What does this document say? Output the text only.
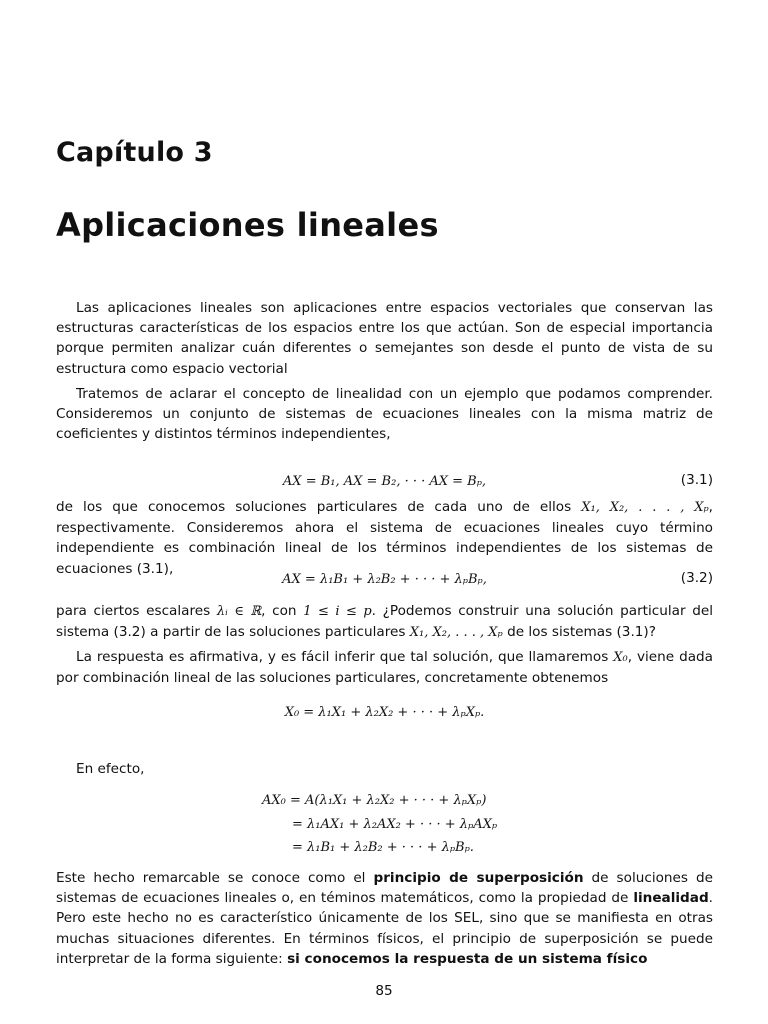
Capítulo 3
Aplicaciones lineales
Las aplicaciones lineales son aplicaciones entre espacios vectoriales que conservan las estructuras características de los espacios entre los que actúan. Son de especial importancia porque permiten analizar cuán diferentes o semejantes son desde el punto de vista de su estructura como espacio vectorial
Tratemos de aclarar el concepto de linealidad con un ejemplo que podamos comprender. Consideremos un conjunto de sistemas de ecuaciones lineales con la misma matriz de coeficientes y distintos términos independientes,
AX = B₁, AX = B₂, · · · AX = Bₚ,	(3.1)
de los que conocemos soluciones particulares de cada uno de ellos X₁, X₂, . . . , Xₚ, respectivamente. Consideremos ahora el sistema de ecuaciones lineales cuyo término independiente es combinación lineal de los términos independientes de los sistemas de ecuaciones (3.1),
AX = λ₁B₁ + λ₂B₂ + · · · + λₚBₚ,	(3.2)
para ciertos escalares λᵢ ∈ ℝ, con 1 ≤ i ≤ p. ¿Podemos construir una solución particular del sistema (3.2) a partir de las soluciones particulares X₁, X₂, . . . , Xₚ de los sistemas (3.1)?
La respuesta es afirmativa, y es fácil inferir que tal solución, que llamaremos X₀, viene dada por combinación lineal de las soluciones particulares, concretamente obtenemos
X₀ = λ₁X₁ + λ₂X₂ + · · · + λₚXₚ.
En efecto,
AX₀ = A(λ₁X₁ + λ₂X₂ + · · · + λₚXₚ)
= λ₁AX₁ + λ₂AX₂ + · · · + λₚAXₚ
= λ₁B₁ + λ₂B₂ + · · · + λₚBₚ.
Este hecho remarcable se conoce como el principio de superposición de soluciones de sistemas de ecuaciones lineales o, en téminos matemáticos, como la propiedad de linealidad. Pero este hecho no es característico únicamente de los SEL, sino que se manifiesta en otras muchas situaciones diferentes. En términos físicos, el principio de superposición se puede interpretar de la forma siguiente: si conocemos la respuesta de un sistema físico
85
